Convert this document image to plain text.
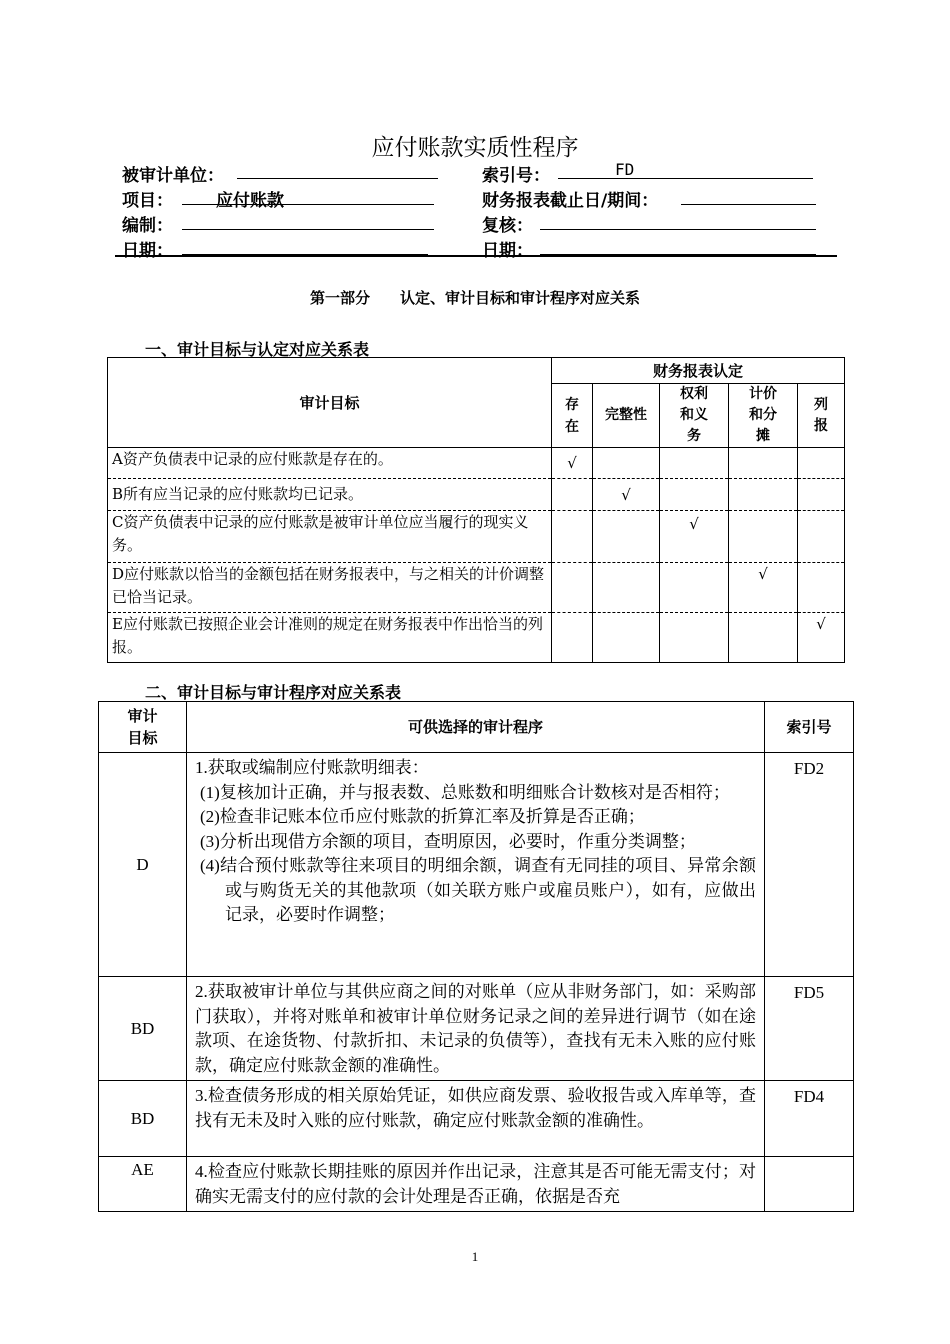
应付账款实质性程序
被审计单位：	索引号：	FD
项目：	应付账款	财务报表截止日/期间：
编制：	复核：
日期：	日期：
第一部分　　认定、审计目标和审计程序对应关系
一、审计目标与认定对应关系表
审计目标	财务报表认定				
	存在	完整性	权利和义务	计价和分摊	列报
A资产负债表中记录的应付账款是存在的。	√				
B所有应当记录的应付账款均已记录。		√			
C资产负债表中记录的应付账款是被审计单位应当履行的现实义务。			√		
D应付账款以恰当的金额包括在财务报表中，与之相关的计价调整已恰当记录。				√	
E应付账款已按照企业会计准则的规定在财务报表中作出恰当的列报。					√
二、审计目标与审计程序对应关系表
审计目标	可供选择的审计程序	索引号
D	1.获取或编制应付账款明细表：
(1)复核加计正确，并与报表数、总账数和明细账合计数核对是否相符；
(2)检查非记账本位币应付账款的折算汇率及折算是否正确；
(3)分析出现借方余额的项目，查明原因，必要时，作重分类调整；
(4)结合预付账款等往来项目的明细余额，调查有无同挂的项目、异常余额或与购货无关的其他款项（如关联方账户或雇员账户），如有，应做出记录，必要时作调整；	FD2
BD	2.获取被审计单位与其供应商之间的对账单（应从非财务部门，如：采购部门获取），并将对账单和被审计单位财务记录之间的差异进行调节（如在途款项、在途货物、付款折扣、未记录的负债等），查找有无未入账的应付账款，确定应付账款金额的准确性。	FD5
BD	3.检查债务形成的相关原始凭证，如供应商发票、验收报告或入库单等，查找有无未及时入账的应付账款，确定应付账款金额的准确性。	FD4
AE	4.检查应付账款长期挂账的原因并作出记录，注意其是否可能无需支付；对确实无需支付的应付款的会计处理是否正确，依据是否充	
1
